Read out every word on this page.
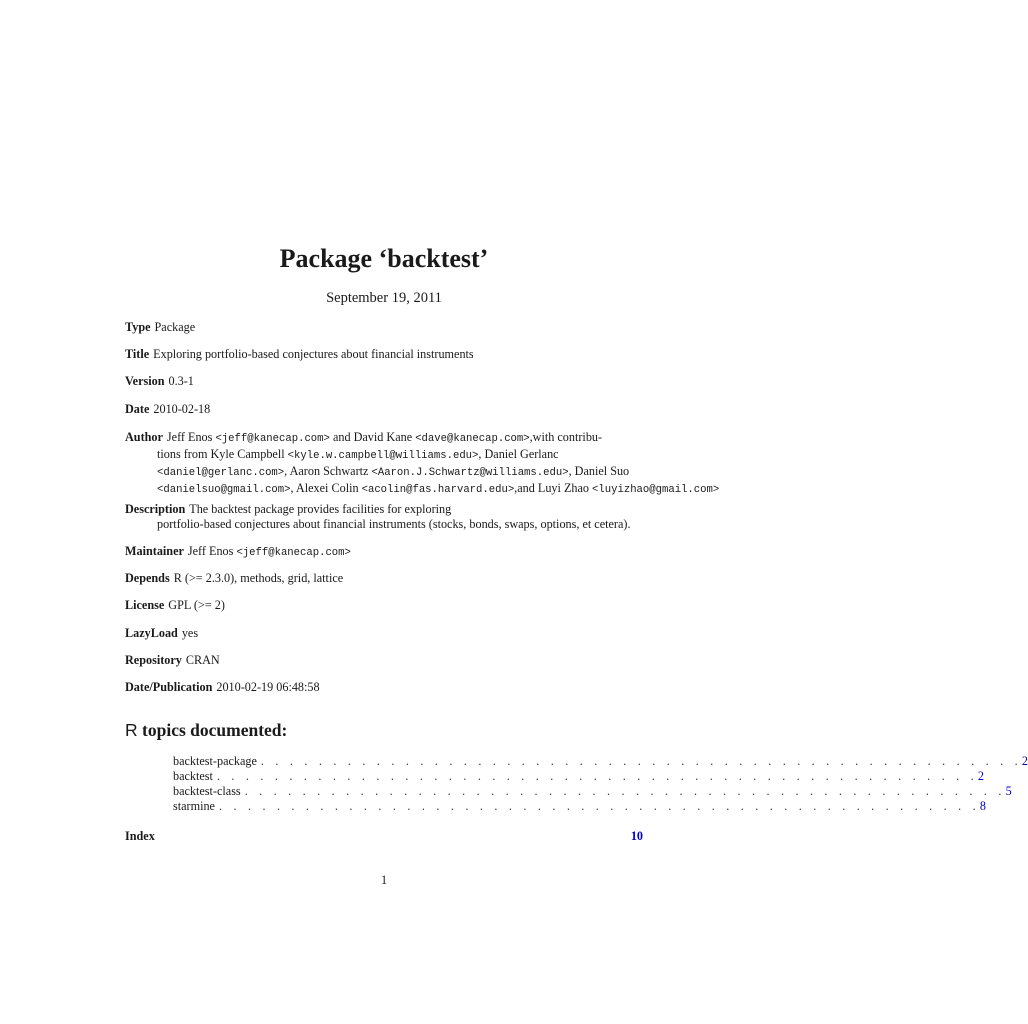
Package ‘backtest’
September 19, 2011
Type Package
Title Exploring portfolio-based conjectures about financial instruments
Version 0.3-1
Date 2010-02-18
Author Jeff Enos <jeff@kanecap.com> and David Kane <dave@kanecap.com>,with contribu-
tions from Kyle Campbell <kyle.w.campbell@williams.edu>, Daniel Gerlanc
<daniel@gerlanc.com>, Aaron Schwartz <Aaron.J.Schwartz@williams.edu>, Daniel Suo
<danielsuo@gmail.com>, Alexei Colin <acolin@fas.harvard.edu>,and Luyi Zhao <luyizhao@gmail.com>
Description The backtest package provides facilities for exploring
portfolio-based conjectures about financial instruments (stocks, bonds, swaps, options, et cetera).
Maintainer Jeff Enos <jeff@kanecap.com>
Depends R (>= 2.3.0), methods, grid, lattice
License GPL (>= 2)
LazyLoad yes
Repository CRAN
Date/Publication 2010-02-19 06:48:58
R topics documented:
backtest-package . . . . . . . . . . . . . . . . . . . . . . . . . . . . . . . . . . . . . . . . . . . . . . . . . . . . . 2
backtest . . . . . . . . . . . . . . . . . . . . . . . . . . . . . . . . . . . . . . . . . . . . . . . . . . . . . 2
backtest-class . . . . . . . . . . . . . . . . . . . . . . . . . . . . . . . . . . . . . . . . . . . . . . . . . . . . . 5
starmine . . . . . . . . . . . . . . . . . . . . . . . . . . . . . . . . . . . . . . . . . . . . . . . . . . . . . 8
Index	10
1
